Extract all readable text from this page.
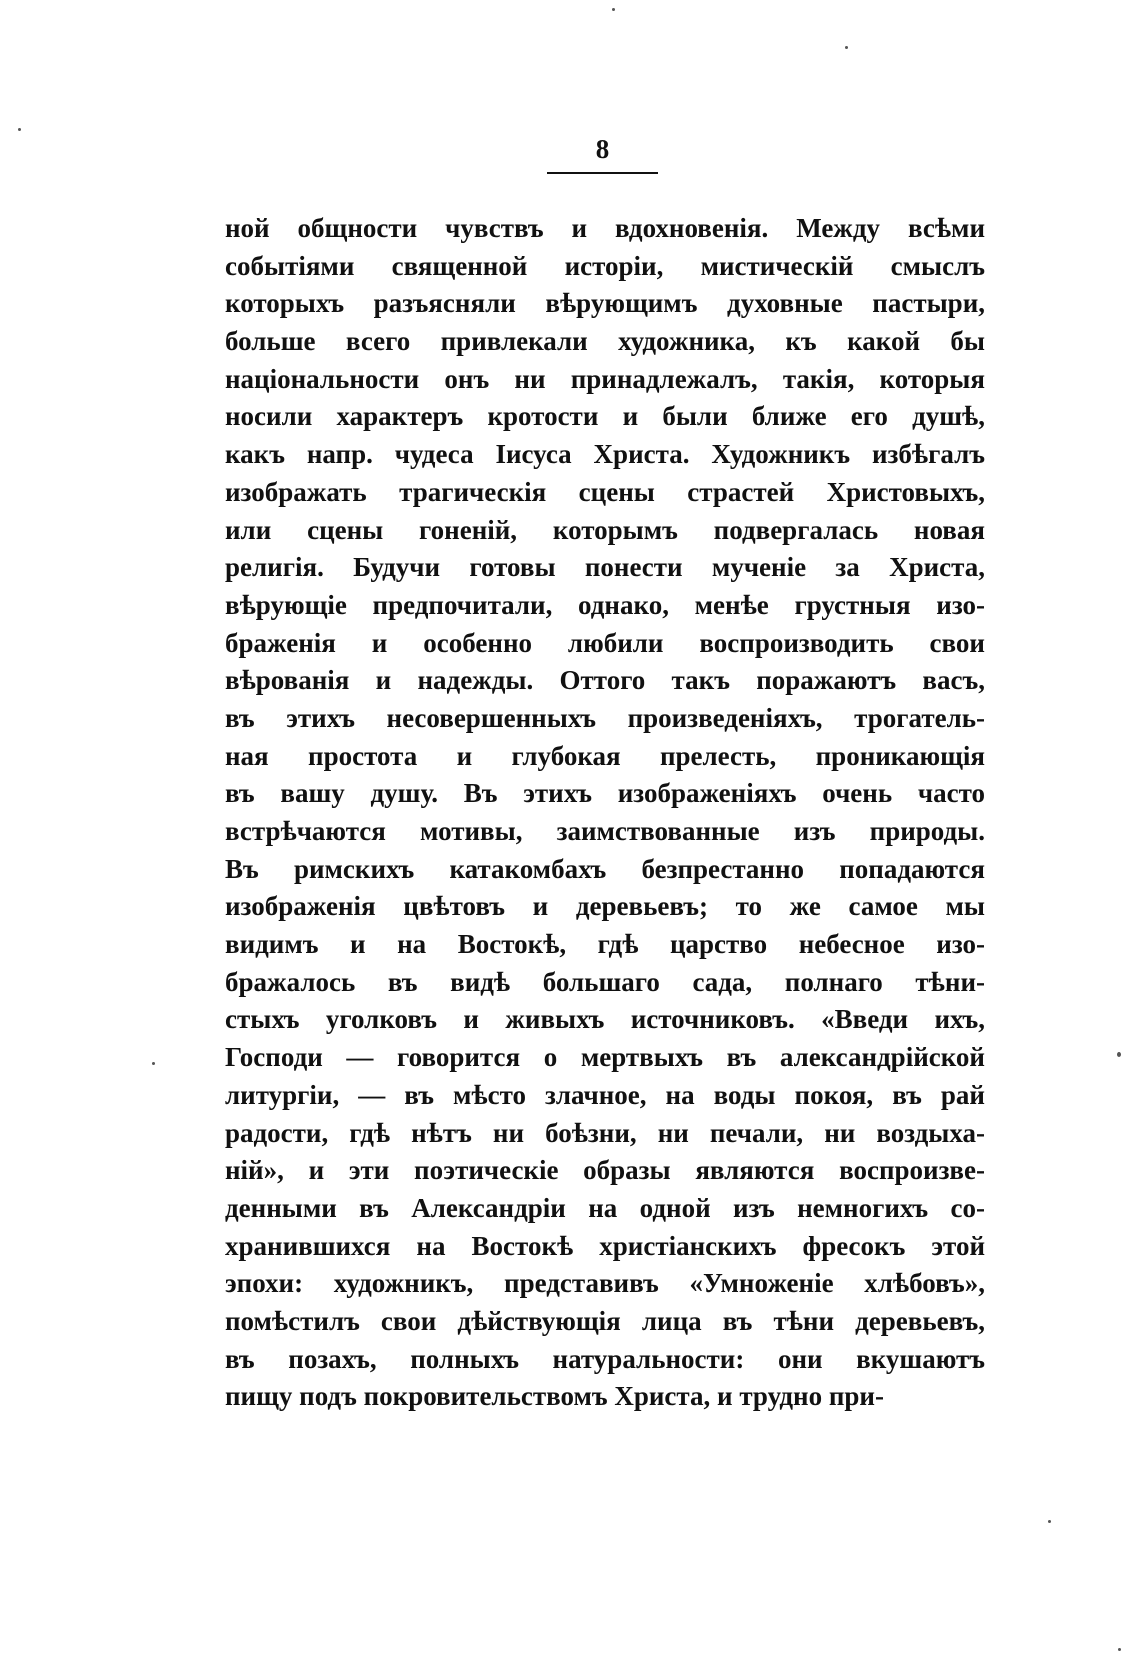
8
ной общности чувствъ и вдохновенія. Между всѣми
событіями священной исторіи, мистическій смыслъ
которыхъ разъясняли вѣрующимъ духовные пастыри,
больше всего привлекали художника, къ какой бы
національности онъ ни принадлежалъ, такія, которыя
носили характеръ кротости и были ближе его душѣ,
какъ напр. чудеса Іисуса Христа. Художникъ избѣгалъ
изображать трагическія сцены страстей Христовыхъ,
или сцены гоненій, которымъ подвергалась новая
религія. Будучи готовы понести мученіе за Христа,
вѣрующіе предпочитали, однако, менѣе грустныя изо-
браженія и особенно любили воспроизводить свои
вѣрованія и надежды. Оттого такъ поражаютъ васъ,
въ этихъ несовершенныхъ произведеніяхъ, трогатель-
ная простота и глубокая прелесть, проникающія
въ вашу душу. Въ этихъ изображеніяхъ очень часто
встрѣчаются мотивы, заимствованные изъ природы.
Въ римскихъ катакомбахъ безпрестанно попадаются
изображенія цвѣтовъ и деревьевъ; то же самое мы
видимъ и на Востокѣ, гдѣ царство небесное изо-
бражалось въ видѣ большаго сада, полнаго тѣни-
стыхъ уголковъ и живыхъ источниковъ. «Введи ихъ,
Господи — говорится о мертвыхъ въ александрійской
литургіи, — въ мѣсто злачное, на воды покоя, въ рай
радости, гдѣ нѣтъ ни боѣзни, ни печали, ни воздыха-
ній», и эти поэтическіе образы являются воспроизве-
денными въ Александріи на одной изъ немногихъ со-
хранившихся на Востокѣ христіанскихъ фресокъ этой
эпохи: художникъ, представивъ «Умноженіе хлѣбовъ»,
помѣстилъ свои дѣйствующія лица въ тѣни деревьевъ,
въ позахъ, полныхъ натуральности: они вкушаютъ
пищу подъ покровительствомъ Христа, и трудно при-
